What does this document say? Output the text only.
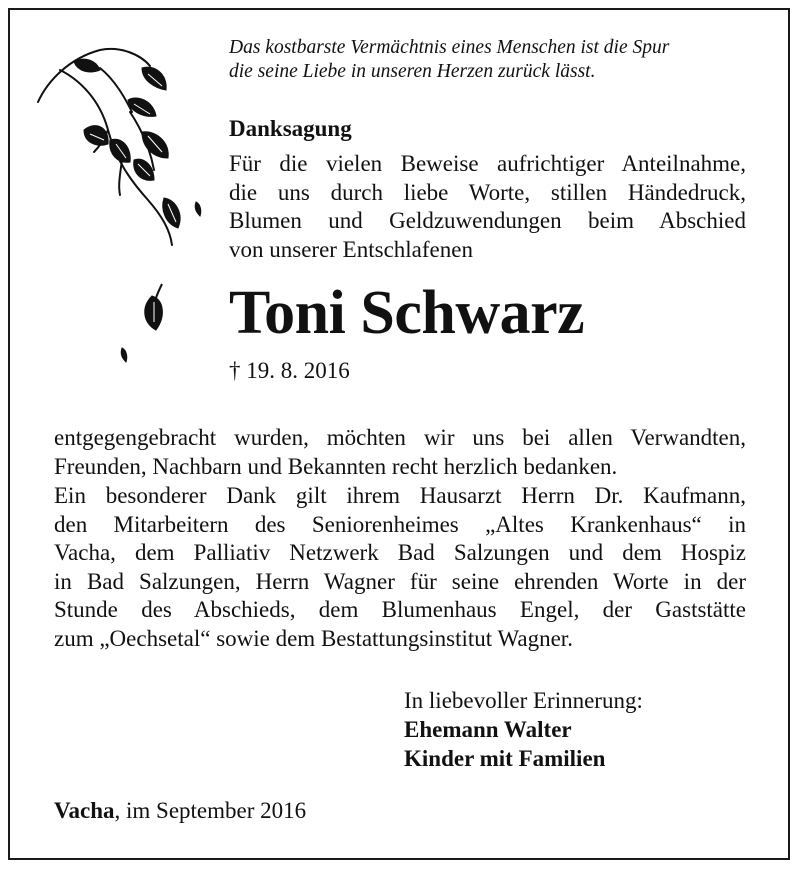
Das kostbarste Vermächtnis eines Menschen ist die Spur
die seine Liebe in unseren Herzen zurück lässt.
Danksagung
Für die vielen Beweise aufrichtiger Anteilnahme,
die uns durch liebe Worte, stillen Händedruck,
Blumen und Geldzuwendungen beim Abschied
von unserer Entschlafenen
Toni Schwarz
† 19. 8. 2016
entgegengebracht wurden, möchten wir uns bei allen Verwandten,
Freunden, Nachbarn und Bekannten recht herzlich bedanken.
Ein besonderer Dank gilt ihrem Hausarzt Herrn Dr. Kaufmann,
den Mitarbeitern des Seniorenheimes „Altes Krankenhaus“ in
Vacha, dem Palliativ Netzwerk Bad Salzungen und dem Hospiz
in Bad Salzungen, Herrn Wagner für seine ehrenden Worte in der
Stunde des Abschieds, dem Blumenhaus Engel, der Gaststätte
zum „Oechsetal“ sowie dem Bestattungsinstitut Wagner.
In liebevoller Erinnerung:
Ehemann Walter
Kinder mit Familien
Vacha, im September 2016
